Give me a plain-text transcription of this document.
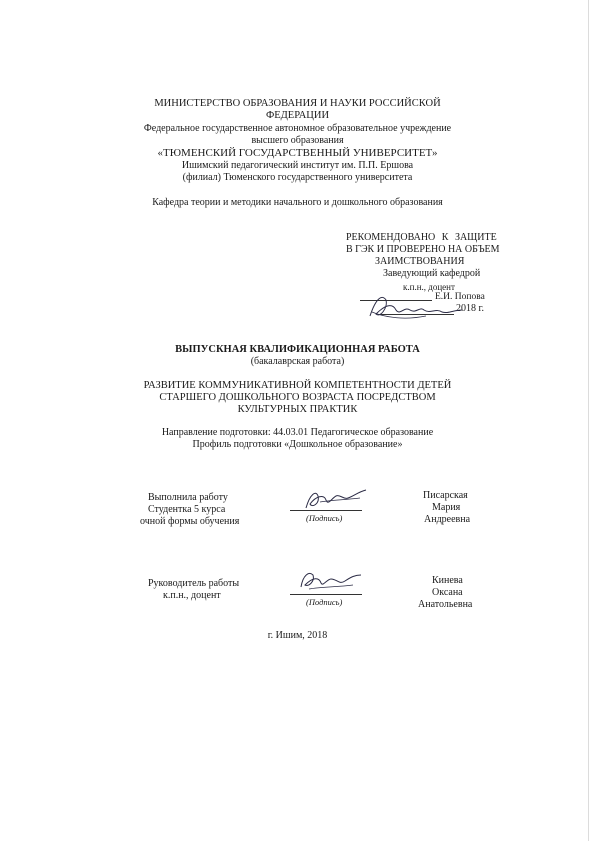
МИНИСТЕРСТВО ОБРАЗОВАНИЯ И НАУКИ РОССИЙСКОЙ
ФЕДЕРАЦИИ
Федеральное государственное автономное образовательное учреждение
высшего образования
«ТЮМЕНСКИЙ ГОСУДАРСТВЕННЫЙ УНИВЕРСИТЕТ»
Ишимский педагогический институт им. П.П. Ершова
(филиал) Тюменского государственного университета
Кафедра теории и методики начального и дошкольного образования
РЕКОМЕНДОВАНО К ЗАЩИТЕ
В ГЭК И ПРОВЕРЕНО НА ОБЪЕМ
ЗАИМСТВОВАНИЯ
Заведующий кафедрой
к.п.н., доцент
Е.И. Попова
2018 г.
ВЫПУСКНАЯ КВАЛИФИКАЦИОННАЯ РАБОТА
(бакалаврская работа)
РАЗВИТИЕ КОММУНИКАТИВНОЙ КОМПЕТЕНТНОСТИ ДЕТЕЙ
СТАРШЕГО ДОШКОЛЬНОГО ВОЗРАСТА ПОСРЕДСТВОМ
КУЛЬТУРНЫХ ПРАКТИК
Направление подготовки: 44.03.01 Педагогическое образование
Профиль подготовки «Дошкольное образование»
Выполнила работу
Студентка 5 курса
очной формы обучения	(Подпись)
Писарская
Мария
Андреевна
Руководитель работы
к.п.н., доцент
(Подпись)
Кинева
Оксана
Анатольевна
г. Ишим, 2018
